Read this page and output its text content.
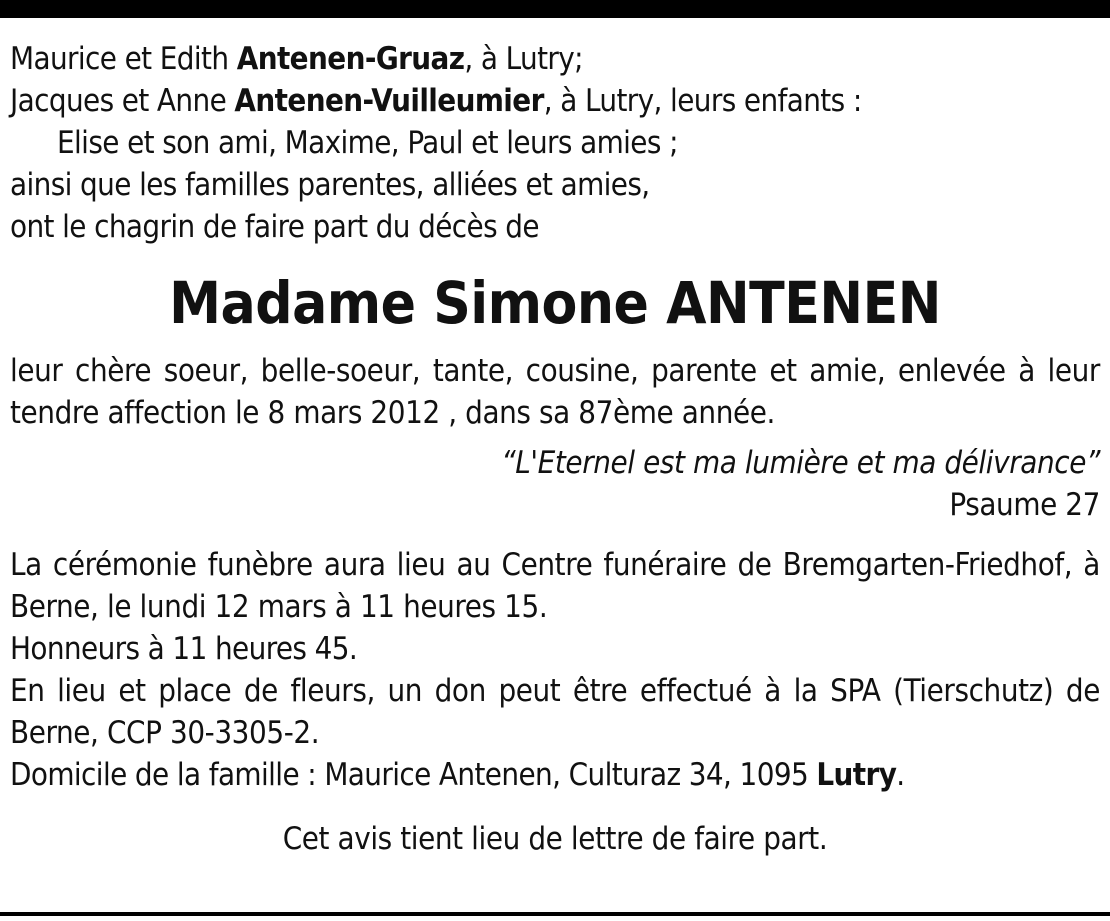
Maurice et Edith Antenen-Gruaz, à Lutry;
Jacques et Anne Antenen-Vuilleumier, à Lutry, leurs enfants :
Elise et son ami, Maxime, Paul et leurs amies ;
ainsi que les familles parentes, alliées et amies,
ont le chagrin de faire part du décès de
Madame Simone ANTENEN
leur chère soeur, belle-soeur, tante, cousine, parente et amie, enlevée à leur tendre affection le 8 mars 2012 , dans sa 87ème année.
“L'Eternel est ma lumière et ma délivrance”
Psaume 27
La cérémonie funèbre aura lieu au Centre funéraire de Bremgarten-Friedhof, à Berne, le lundi 12 mars à 11 heures 15.
Honneurs à 11 heures 45.
En lieu et place de fleurs, un don peut être effectué à la SPA (Tierschutz) de Berne, CCP 30-3305-2.
Domicile de la famille : Maurice Antenen, Culturaz 34, 1095 Lutry.
Cet avis tient lieu de lettre de faire part.
